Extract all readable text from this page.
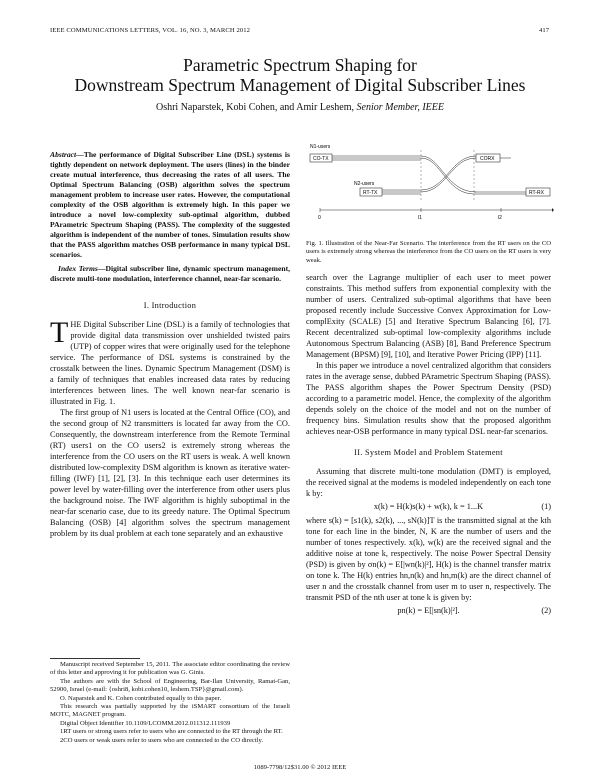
IEEE COMMUNICATIONS LETTERS, VOL. 16, NO. 3, MARCH 2012	417
Parametric Spectrum Shaping for
Downstream Spectrum Management of Digital Subscriber Lines
Oshri Naparstek, Kobi Cohen, and Amir Leshem, Senior Member, IEEE
Abstract—The performance of Digital Subscriber Line (DSL) systems is tightly dependent on network deployment. The users (lines) in the binder create mutual interference, thus decreasing the rates of all users. The Optimal Spectrum Balancing (OSB) algorithm solves the spectrum management problem to increase user rates. However, the computational complexity of the OSB algorithm is extremely high. In this paper we introduce a novel low-complexity sub-optimal algorithm, dubbed PArametric Spectrum Shaping (PASS). The complexity of the suggested algorithm is independent of the number of tones. Simulation results show that the PASS algorithm matches OSB performance in many typical DSL scenarios.
Index Terms—Digital subscriber line, dynamic spectrum management, discrete multi-tone modulation, interference channel, near-far scenario.
I. Introduction

THE Digital Subscriber Line (DSL) is a family of technologies that provide digital data transmission over unshielded twisted pairs (UTP) of copper wires that were originally used for the telephone service. The performance of DSL systems is constrained by the crosstalk between the lines. Dynamic Spectrum Management (DSM) is a family of techniques that enables increased data rates by reducing interferences between lines. The well known near-far scenario is illustrated in Fig. 1.

The first group of N1 users is located at the Central Office (CO), and the second group of N2 transmitters is located far away from the CO. Consequently, the downstream interference from the Remote Terminal (RT) users1 on the CO users2 is extremely strong whereas the interference from the CO users on the RT users is weak. A well known distributed low-complexity DSM algorithm is known as iterative water-filling (IWF) [1], [2], [3]. In this technique each user determines its power level by water-filling over the interference from other users plus the background noise. The IWF algorithm is highly suboptimal in the near-far scenario case, due to its greedy nature. The Optimal Spectrum Balancing (OSB) [4] algorithm solves the spectrum management problem by its dual problem at each tone separately and an exhaustive

Manuscript received September 15, 2011. The associate editor coordinating the review of this letter and approving it for publication was G. Ginis.

The authors are with the School of Engineering, Bar-Ilan University, Ramat-Gan, 52900, Israel (e-mail: {oshri8, kobi.cohen10, leshem.TSP}@gmail.com).

O. Naparstek and K. Cohen contributed equally to this paper.

This research was partially supported by the iSMART consortium of the Israeli MOTC, MAGNET program.

Digital Object Identifier 10.1109/LCOMM.2012.011312.111939

1RT users or strong users refer to users who are connected to the RT through the RT.

2CO users or weak users refer to users who are connected to the CO directly.

N1-users
CO-TX
N2-users
RT-TX
CORX
RT-RX
0	l1	l2
Fig. 1. Illustration of the Near-Far Scenario. The interference from the RT users on the CO users is extremely strong whereas the interference from the CO users on the RT users is very weak.

search over the Lagrange multiplier of each user to meet power constraints. This method suffers from exponential complexity with the number of users. Centralized sub-optimal algorithms that have been proposed recently include Successive Convex Approximation for Low-complExity (SCALE) [5] and Iterative Spectrum Balancing [6], [7]. Recent decentralized sub-optimal low-complexity algorithms include Autonomous Spectrum Balancing (ASB) [8], Band Preference Spectrum Management (BPSM) [9], [10], and Iterative Power Pricing (IPP) [11].

In this paper we introduce a novel centralized algorithm that considers rates in the average sense, dubbed PArametric Spectrum Shaping (PASS). The PASS algorithm shapes the Power Spectrum Density (PSD) according to a parametric model. Hence, the complexity of the algorithm depends solely on the choice of the model and not on the number of frequency bins. Simulation results show that the proposed algorithm achieves near-OSB performance in many typical DSL near-far scenarios.

II. System Model and Problem Statement

Assuming that discrete multi-tone modulation (DMT) is employed, the received signal at the modems is modeled independently on each tone k by:

x(k) = H(k)s(k) + w(k), k = 1...K	(1)

where s(k) = [s1(k), s2(k), ..., sN(k)]T is the transmitted signal at the kth tone for each line in the binder, N, K are the number of users and the number of tones respectively. x(k), w(k) are the received signal and the additive noise at tone k, respectively. The noise Power Spectral Density (PSD) is given by σn(k) = E[|wn(k)|²], H(k) is the channel transfer matrix on tone k. The H(k) entries hn,n(k) and hn,m(k) are the direct channel of user n and the crosstalk channel from user m to user n, respectively. The transmit PSD of the nth user at tone k is given by:

pn(k) = E[|sn(k)|²].	(2)
1089-7798/12$31.00 © 2012 IEEE
